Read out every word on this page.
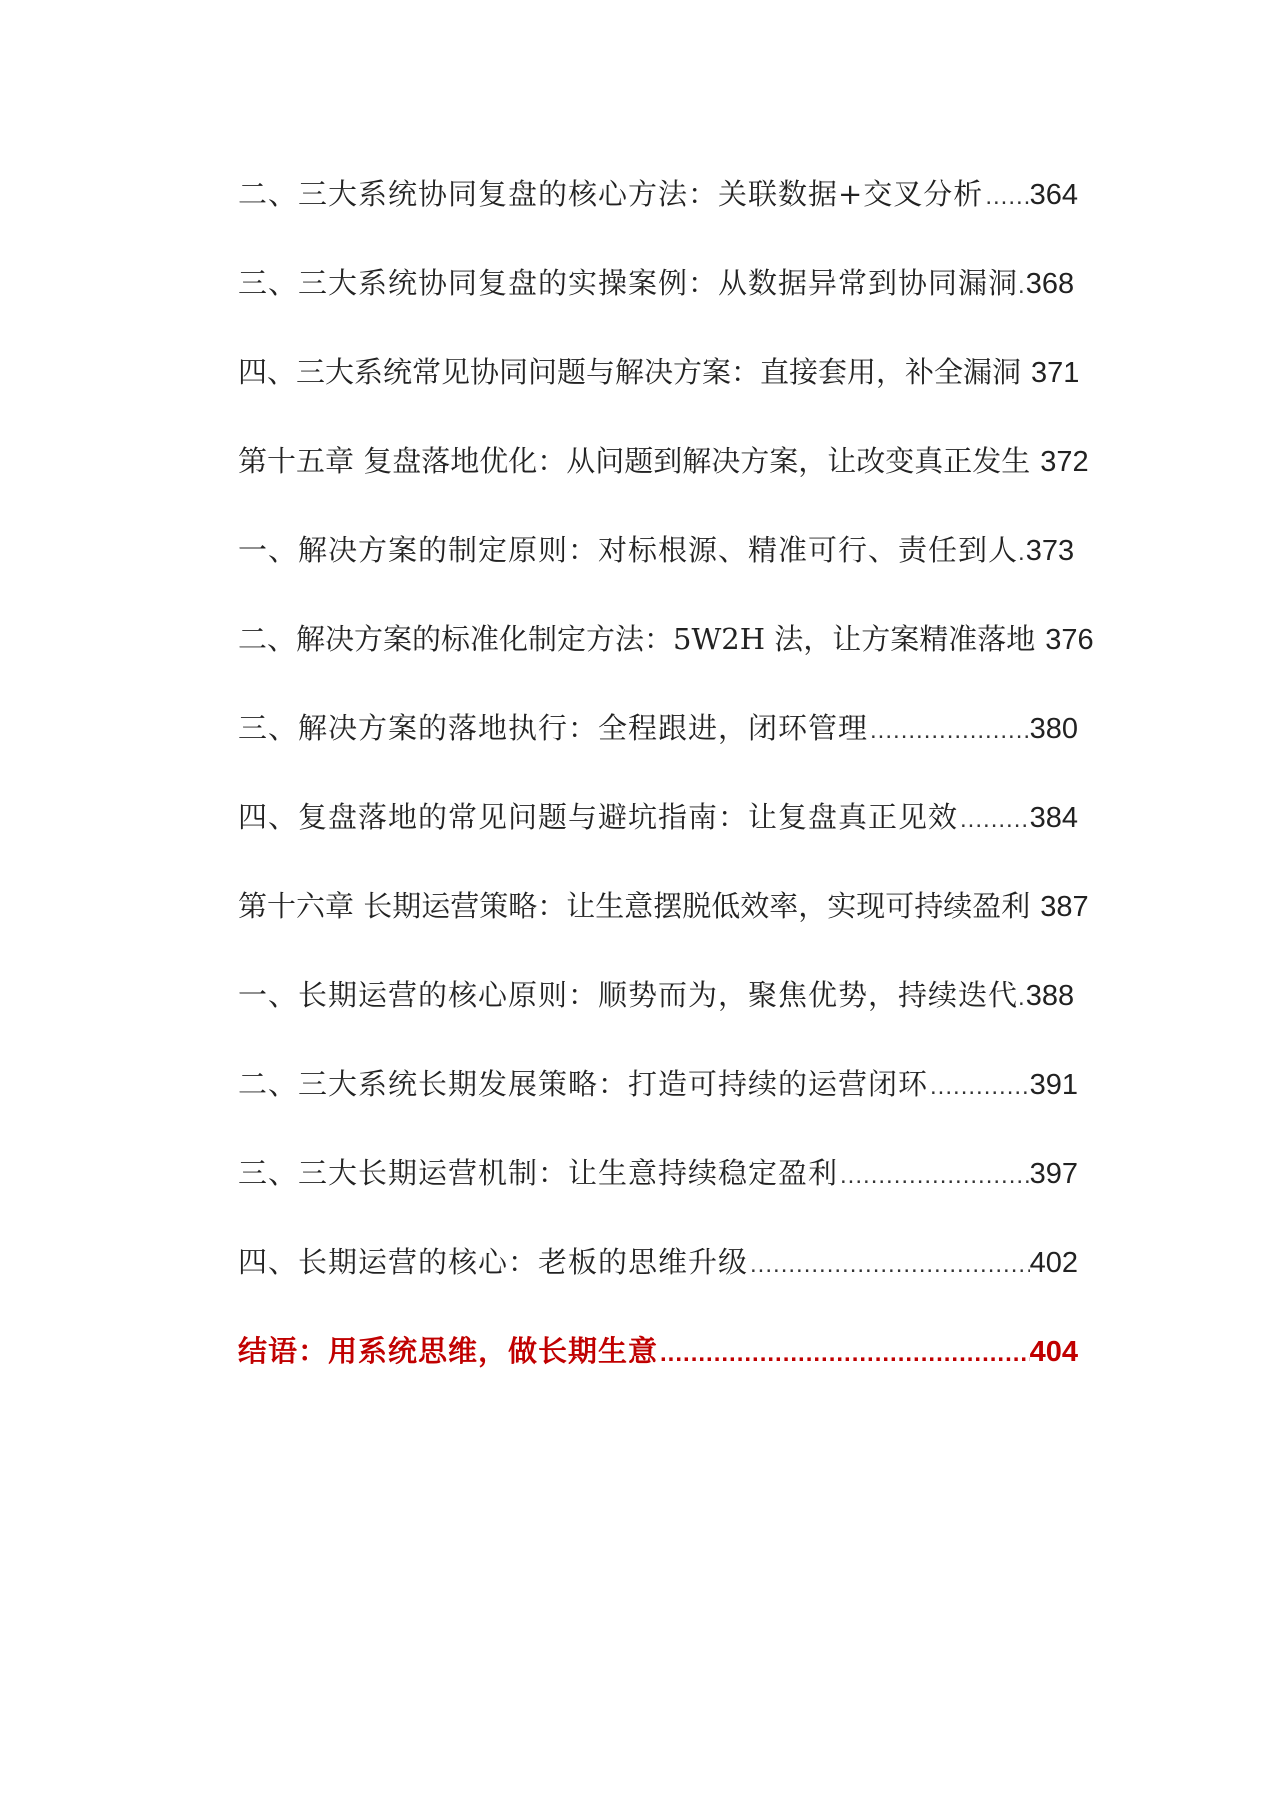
二、三大系统协同复盘的核心方法：关联数据+交叉分析 ..... 364
三、三大系统协同复盘的实操案例：从数据异常到协同漏洞 . 368
四、三大系统常见协同问题与解决方案：直接套用，补全漏洞 371
第十五章 复盘落地优化：从问题到解决方案，让改变真正发生 372
一、解决方案的制定原则：对标根源、精准可行、责任到人 . 373
二、解决方案的标准化制定方法：5W2H 法，让方案精准落地 376
三、解决方案的落地执行：全程跟进，闭环管理 .....	380
四、复盘落地的常见问题与避坑指南：让复盘真正见效 ..... 384
第十六章 长期运营策略：让生意摆脱低效率，实现可持续盈利 387
一、长期运营的核心原则：顺势而为，聚焦优势，持续迭代 . 388
二、三大系统长期发展策略：打造可持续的运营闭环 .....	391
三、三大长期运营机制：让生意持续稳定盈利 .....	397
四、长期运营的核心：老板的思维升级 .....	402
结语：用系统思维，做长期生意 .....	404
